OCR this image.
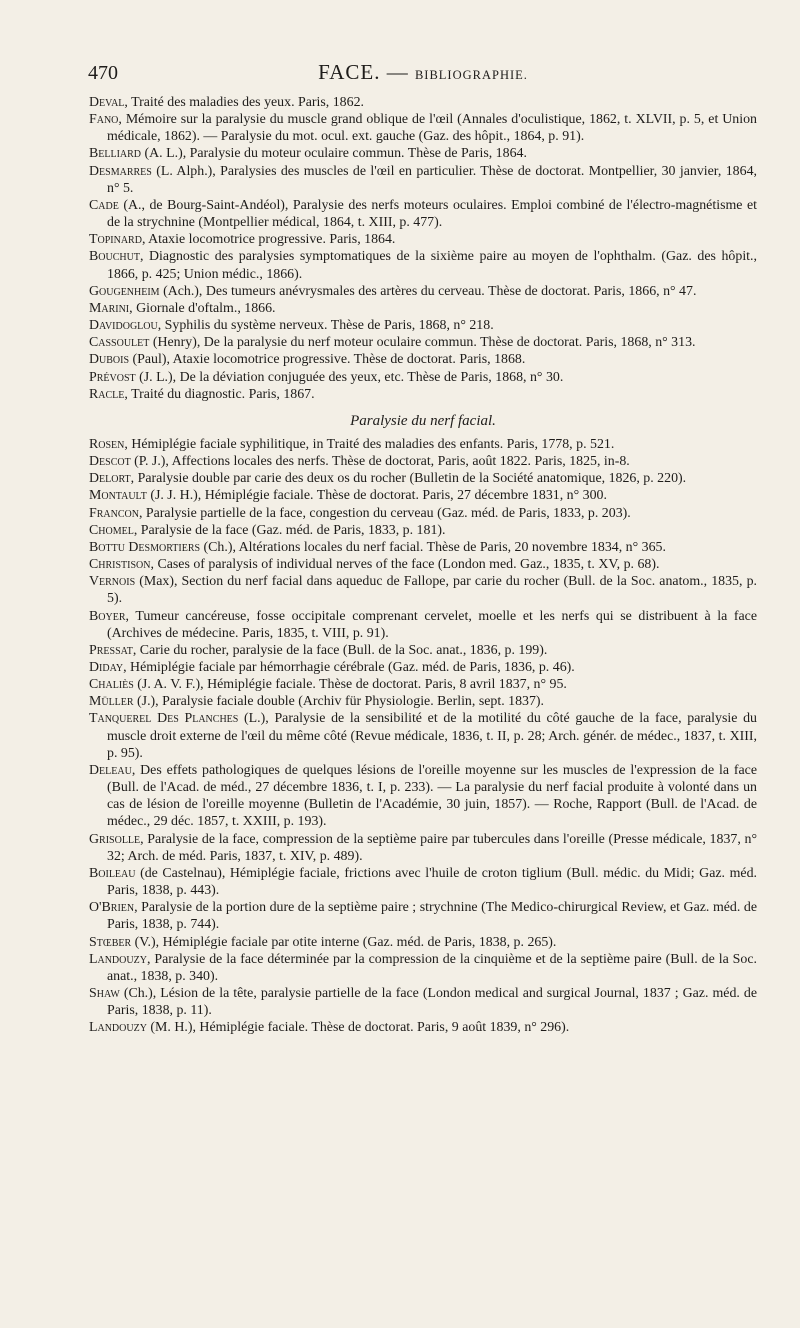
470	FACE. — BIBLIOGRAPHIE.
Deval, Traité des maladies des yeux. Paris, 1862.
Fano, Mémoire sur la paralysie du muscle grand oblique de l'œil (Annales d'oculistique, 1862, t. XLVII, p. 5, et Union médicale, 1862). — Paralysie du mot. ocul. ext. gauche (Gaz. des hôpit., 1864, p. 91).
Belliard (A. L.), Paralysie du moteur oculaire commun. Thèse de Paris, 1864.
Desmarres (L. Alph.), Paralysies des muscles de l'œil en particulier. Thèse de doctorat. Montpellier, 30 janvier, 1864, n° 5.
Cade (A., de Bourg-Saint-Andéol), Paralysie des nerfs moteurs oculaires. Emploi combiné de l'électro-magnétisme et de la strychnine (Montpellier médical, 1864, t. XIII, p. 477).
Topinard, Ataxie locomotrice progressive. Paris, 1864.
Bouchut, Diagnostic des paralysies symptomatiques de la sixième paire au moyen de l'ophthalm. (Gaz. des hôpit., 1866, p. 425; Union médic., 1866).
Gougenheim (Ach.), Des tumeurs anévrysmales des artères du cerveau. Thèse de doctorat. Paris, 1866, n° 47.
Marini, Giornale d'oftalm., 1866.
Davidoglou, Syphilis du système nerveux. Thèse de Paris, 1868, n° 218.
Cassoulet (Henry), De la paralysie du nerf moteur oculaire commun. Thèse de doctorat. Paris, 1868, n° 313.
Dubois (Paul), Ataxie locomotrice progressive. Thèse de doctorat. Paris, 1868.
Prévost (J. L.), De la déviation conjuguée des yeux, etc. Thèse de Paris, 1868, n° 30.
Racle, Traité du diagnostic. Paris, 1867.
Paralysie du nerf facial.
Rosen, Hémiplégie faciale syphilitique, in Traité des maladies des enfants. Paris, 1778, p. 521.
Descot (P. J.), Affections locales des nerfs. Thèse de doctorat, Paris, août 1822. Paris, 1825, in-8.
Delort, Paralysie double par carie des deux os du rocher (Bulletin de la Société anatomique, 1826, p. 220).
Montault (J. J. H.), Hémiplégie faciale. Thèse de doctorat. Paris, 27 décembre 1831, n° 300.
Francon, Paralysie partielle de la face, congestion du cerveau (Gaz. méd. de Paris, 1833, p. 203).
Chomel, Paralysie de la face (Gaz. méd. de Paris, 1833, p. 181).
Bottu Desmortiers (Ch.), Altérations locales du nerf facial. Thèse de Paris, 20 novembre 1834, n° 365.
Christison, Cases of paralysis of individual nerves of the face (London med. Gaz., 1835, t. XV, p. 68).
Vernois (Max), Section du nerf facial dans aqueduc de Fallope, par carie du rocher (Bull. de la Soc. anatom., 1835, p. 5).
Boyer, Tumeur cancéreuse, fosse occipitale comprenant cervelet, moelle et les nerfs qui se distribuent à la face (Archives de médecine. Paris, 1835, t. VIII, p. 91).
Pressat, Carie du rocher, paralysie de la face (Bull. de la Soc. anat., 1836, p. 199).
Diday, Hémiplégie faciale par hémorrhagie cérébrale (Gaz. méd. de Paris, 1836, p. 46).
Chaliès (J. A. V. F.), Hémiplégie faciale. Thèse de doctorat. Paris, 8 avril 1837, n° 95.
Müller (J.), Paralysie faciale double (Archiv für Physiologie. Berlin, sept. 1837).
Tanquerel Des Planches (L.), Paralysie de la sensibilité et de la motilité du côté gauche de la face, paralysie du muscle droit externe de l'œil du même côté (Revue médicale, 1836, t. II, p. 28; Arch. génér. de médec., 1837, t. XIII, p. 95).
Deleau, Des effets pathologiques de quelques lésions de l'oreille moyenne sur les muscles de l'expression de la face (Bull. de l'Acad. de méd., 27 décembre 1836, t. I, p. 233). — La paralysie du nerf facial produite à volonté dans un cas de lésion de l'oreille moyenne (Bulletin de l'Académie, 30 juin, 1857). — Roche, Rapport (Bull. de l'Acad. de médec., 29 déc. 1857, t. XXIII, p. 193).
Grisolle, Paralysie de la face, compression de la septième paire par tubercules dans l'oreille (Presse médicale, 1837, n° 32; Arch. de méd. Paris, 1837, t. XIV, p. 489).
Boileau (de Castelnau), Hémiplégie faciale, frictions avec l'huile de croton tiglium (Bull. médic. du Midi; Gaz. méd. Paris, 1838, p. 443).
O'Brien, Paralysie de la portion dure de la septième paire ; strychnine (The Medico-chirurgical Review, et Gaz. méd. de Paris, 1838, p. 744).
Stœber (V.), Hémiplégie faciale par otite interne (Gaz. méd. de Paris, 1838, p. 265).
Landouzy, Paralysie de la face déterminée par la compression de la cinquième et de la septième paire (Bull. de la Soc. anat., 1838, p. 340).
Shaw (Ch.), Lésion de la tête, paralysie partielle de la face (London medical and surgical Journal, 1837 ; Gaz. méd. de Paris, 1838, p. 11).
Landouzy (M. H.), Hémiplégie faciale. Thèse de doctorat. Paris, 9 août 1839, n° 296).
